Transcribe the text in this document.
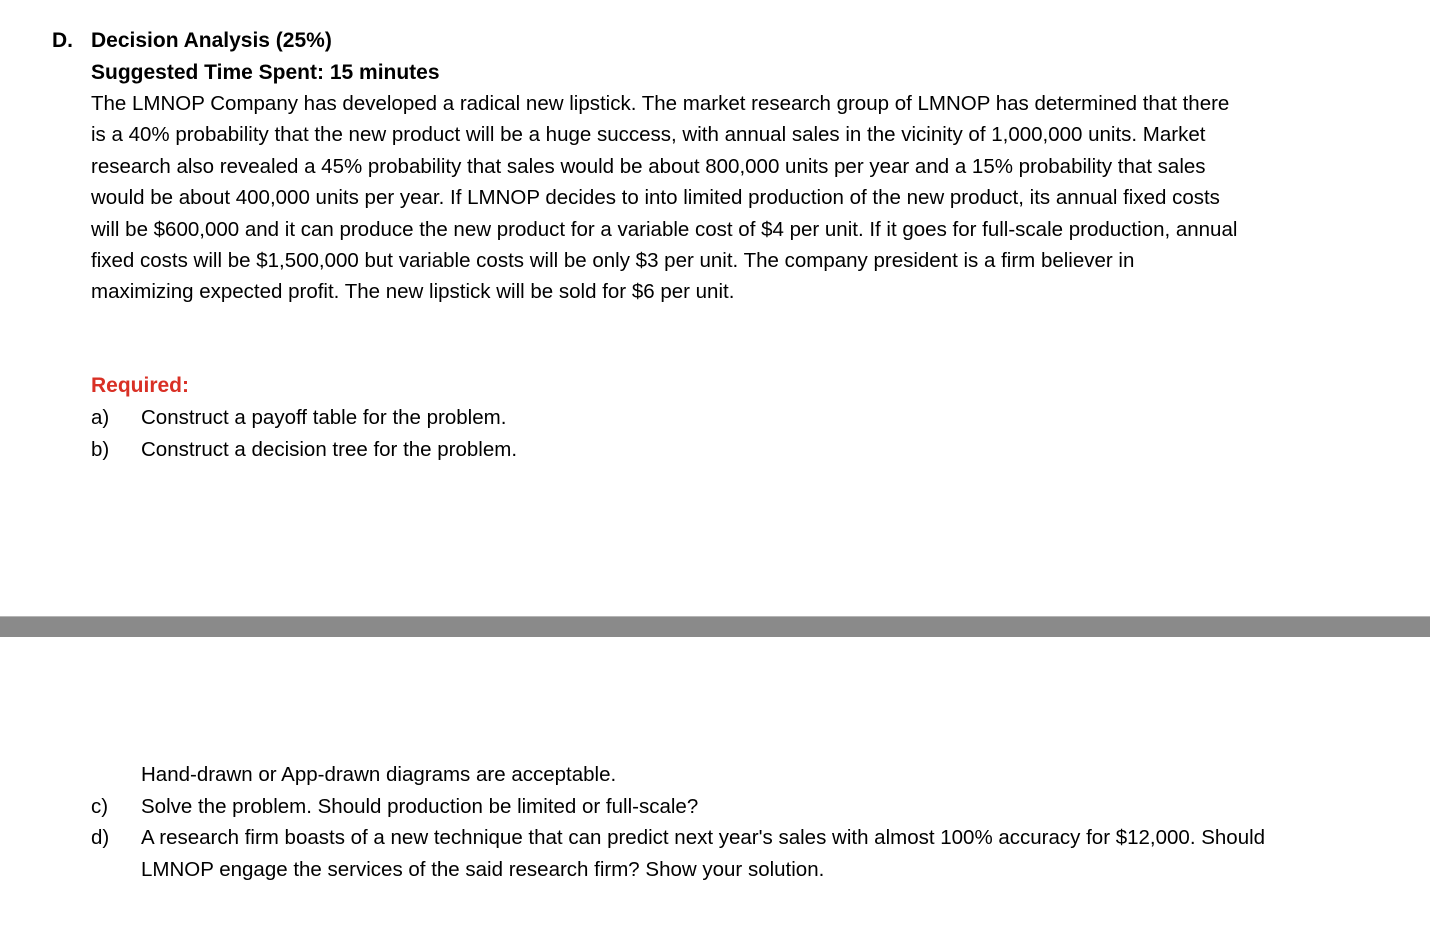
D. Decision Analysis (25%)
Suggested Time Spent: 15 minutes

The LMNOP Company has developed a radical new lipstick. The market research group of LMNOP has determined that there is a 40% probability that the new product will be a huge success, with annual sales in the vicinity of 1,000,000 units. Market research also revealed a 45% probability that sales would be about 800,000 units per year and a 15% probability that sales would be about 400,000 units per year. If LMNOP decides to into limited production of the new product, its annual fixed costs will be $600,000 and it can produce the new product for a variable cost of $4 per unit. If it goes for full-scale production, annual fixed costs will be $1,500,000 but variable costs will be only $3 per unit. The company president is a firm believer in maximizing expected profit. The new lipstick will be sold for $6 per unit.

Required:
a)	Construct a payoff table for the problem.
b)	Construct a decision tree for the problem.
Hand-drawn or App-drawn diagrams are acceptable.
c)	Solve the problem. Should production be limited or full-scale?
d)	A research firm boasts of a new technique that can predict next year's sales with almost 100% accuracy for $12,000. Should LMNOP engage the services of the said research firm? Show your solution.
